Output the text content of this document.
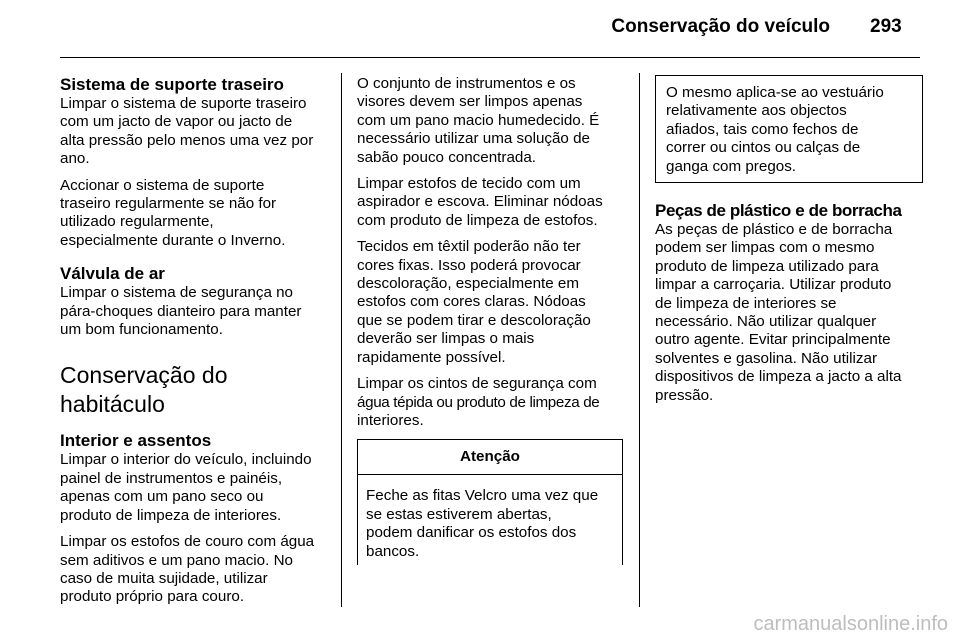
Conservação do veículo 293
Sistema de suporte traseiro

Limpar o sistema de suporte traseiro

com um jacto de vapor ou jacto de

alta pressão pelo menos uma vez por

ano.

Accionar o sistema de suporte

traseiro regularmente se não for

utilizado regularmente,

especialmente durante o Inverno.

Válvula de ar

Limpar o sistema de segurança no

pára-choques dianteiro para manter

um bom funcionamento.

Conservação do
habitáculo
Interior e assentos

Limpar o interior do veículo, incluindo

painel de instrumentos e painéis,

apenas com um pano seco ou

produto de limpeza de interiores.

Limpar os estofos de couro com água

sem aditivos e um pano macio. No

caso de muita sujidade, utilizar

produto próprio para couro.

O conjunto de instrumentos e os

visores devem ser limpos apenas

com um pano macio humedecido. É

necessário utilizar uma solução de

sabão pouco concentrada.

Limpar estofos de tecido com um

aspirador e escova. Eliminar nódoas

com produto de limpeza de estofos.

Tecidos em têxtil poderão não ter

cores fixas. Isso poderá provocar

descoloração, especialmente em

estofos com cores claras. Nódoas

que se podem tirar e descoloração

deverão ser limpas o mais

rapidamente possível.

Limpar os cintos de segurança com

água tépida ou produto de limpeza de

interiores.

Atenção

Feche as fitas Velcro uma vez que

se estas estiverem abertas,

podem danificar os estofos dos

bancos.

O mesmo aplica-se ao vestuário

relativamente aos objectos

afiados, tais como fechos de

correr ou cintos ou calças de

ganga com pregos.

Peças de plástico e de borracha

As peças de plástico e de borracha

podem ser limpas com o mesmo

produto de limpeza utilizado para

limpar a carroçaria. Utilizar produto

de limpeza de interiores se

necessário. Não utilizar qualquer

outro agente. Evitar principalmente

solventes e gasolina. Não utilizar

dispositivos de limpeza a jacto a alta

pressão.

carmanualsonline.info
